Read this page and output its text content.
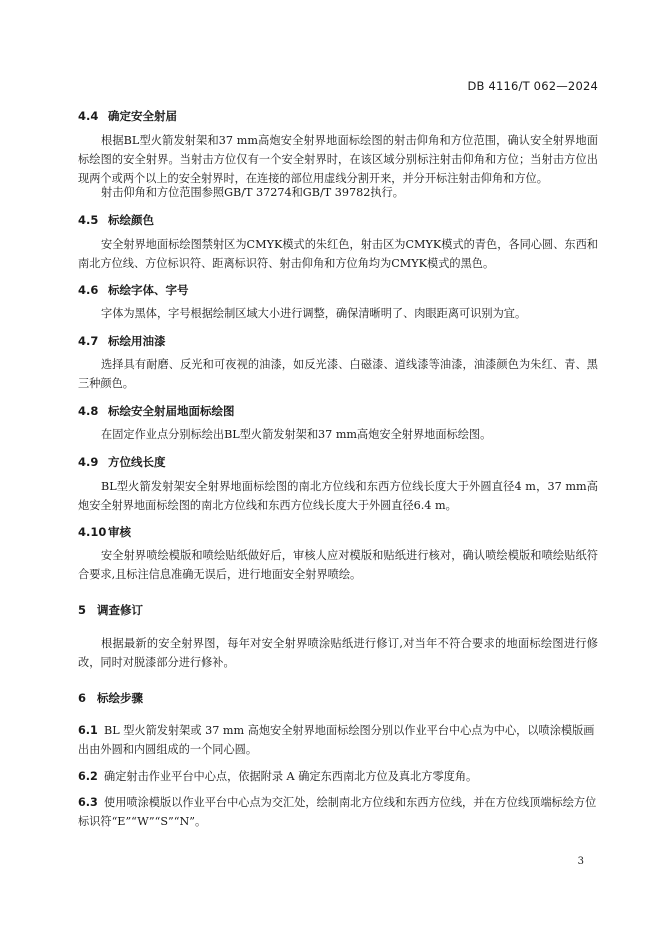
DB 4116/T 062—2024
4.4 确定安全射届

根据BL型火箭发射架和37 mm高炮安全射界地面标绘图的射击仰角和方位范围，确认安全射界地面标绘图的安全射界。当射击方位仅有一个安全射界时，在该区域分别标注射击仰角和方位；当射击方位出现两个或两个以上的安全射界时，在连接的部位用虚线分割开来，并分开标注射击仰角和方位。

射击仰角和方位范围参照GB/T 37274和GB/T 39782执行。

4.5 标绘颜色

安全射界地面标绘图禁射区为CMYK模式的朱红色，射击区为CMYK模式的青色，各同心圆、东西和南北方位线、方位标识符、距离标识符、射击仰角和方位角均为CMYK模式的黑色。

4.6 标绘字体、字号

字体为黑体，字号根据绘制区域大小进行调整，确保清晰明了、肉眼距离可识别为宜。

4.7 标绘用油漆

选择具有耐磨、反光和可夜视的油漆，如反光漆、白磁漆、道线漆等油漆，油漆颜色为朱红、青、黑三种颜色。

4.8 标绘安全射届地面标绘图

在固定作业点分别标绘出BL型火箭发射架和37 mm高炮安全射界地面标绘图。

4.9 方位线长度

BL型火箭发射架安全射界地面标绘图的南北方位线和东西方位线长度大于外圆直径4 m，37 mm高炮安全射界地面标绘图的南北方位线和东西方位线长度大于外圆直径6.4 m。

4.10 审核

安全射界喷绘模版和喷绘贴纸做好后，审核人应对模版和贴纸进行核对，确认喷绘模版和喷绘贴纸符合要求,且标注信息准确无误后，进行地面安全射界喷绘。

5 调查修订

根据最新的安全射界图，每年对安全射界喷涂贴纸进行修订,对当年不符合要求的地面标绘图进行修改，同时对脱漆部分进行修补。

6 标绘步骤

6.1 BL 型火箭发射架或 37 mm 高炮安全射界地面标绘图分别以作业平台中心点为中心，以喷涂模版画出由外圆和内圆组成的一个同心圆。

6.2 确定射击作业平台中心点，依据附录 A 确定东西南北方位及真北方零度角。

6.3 使用喷涂模版以作业平台中心点为交汇处，绘制南北方位线和东西方位线，并在方位线顶端标绘方位标识符“E”“W”“S”“N”。

3
